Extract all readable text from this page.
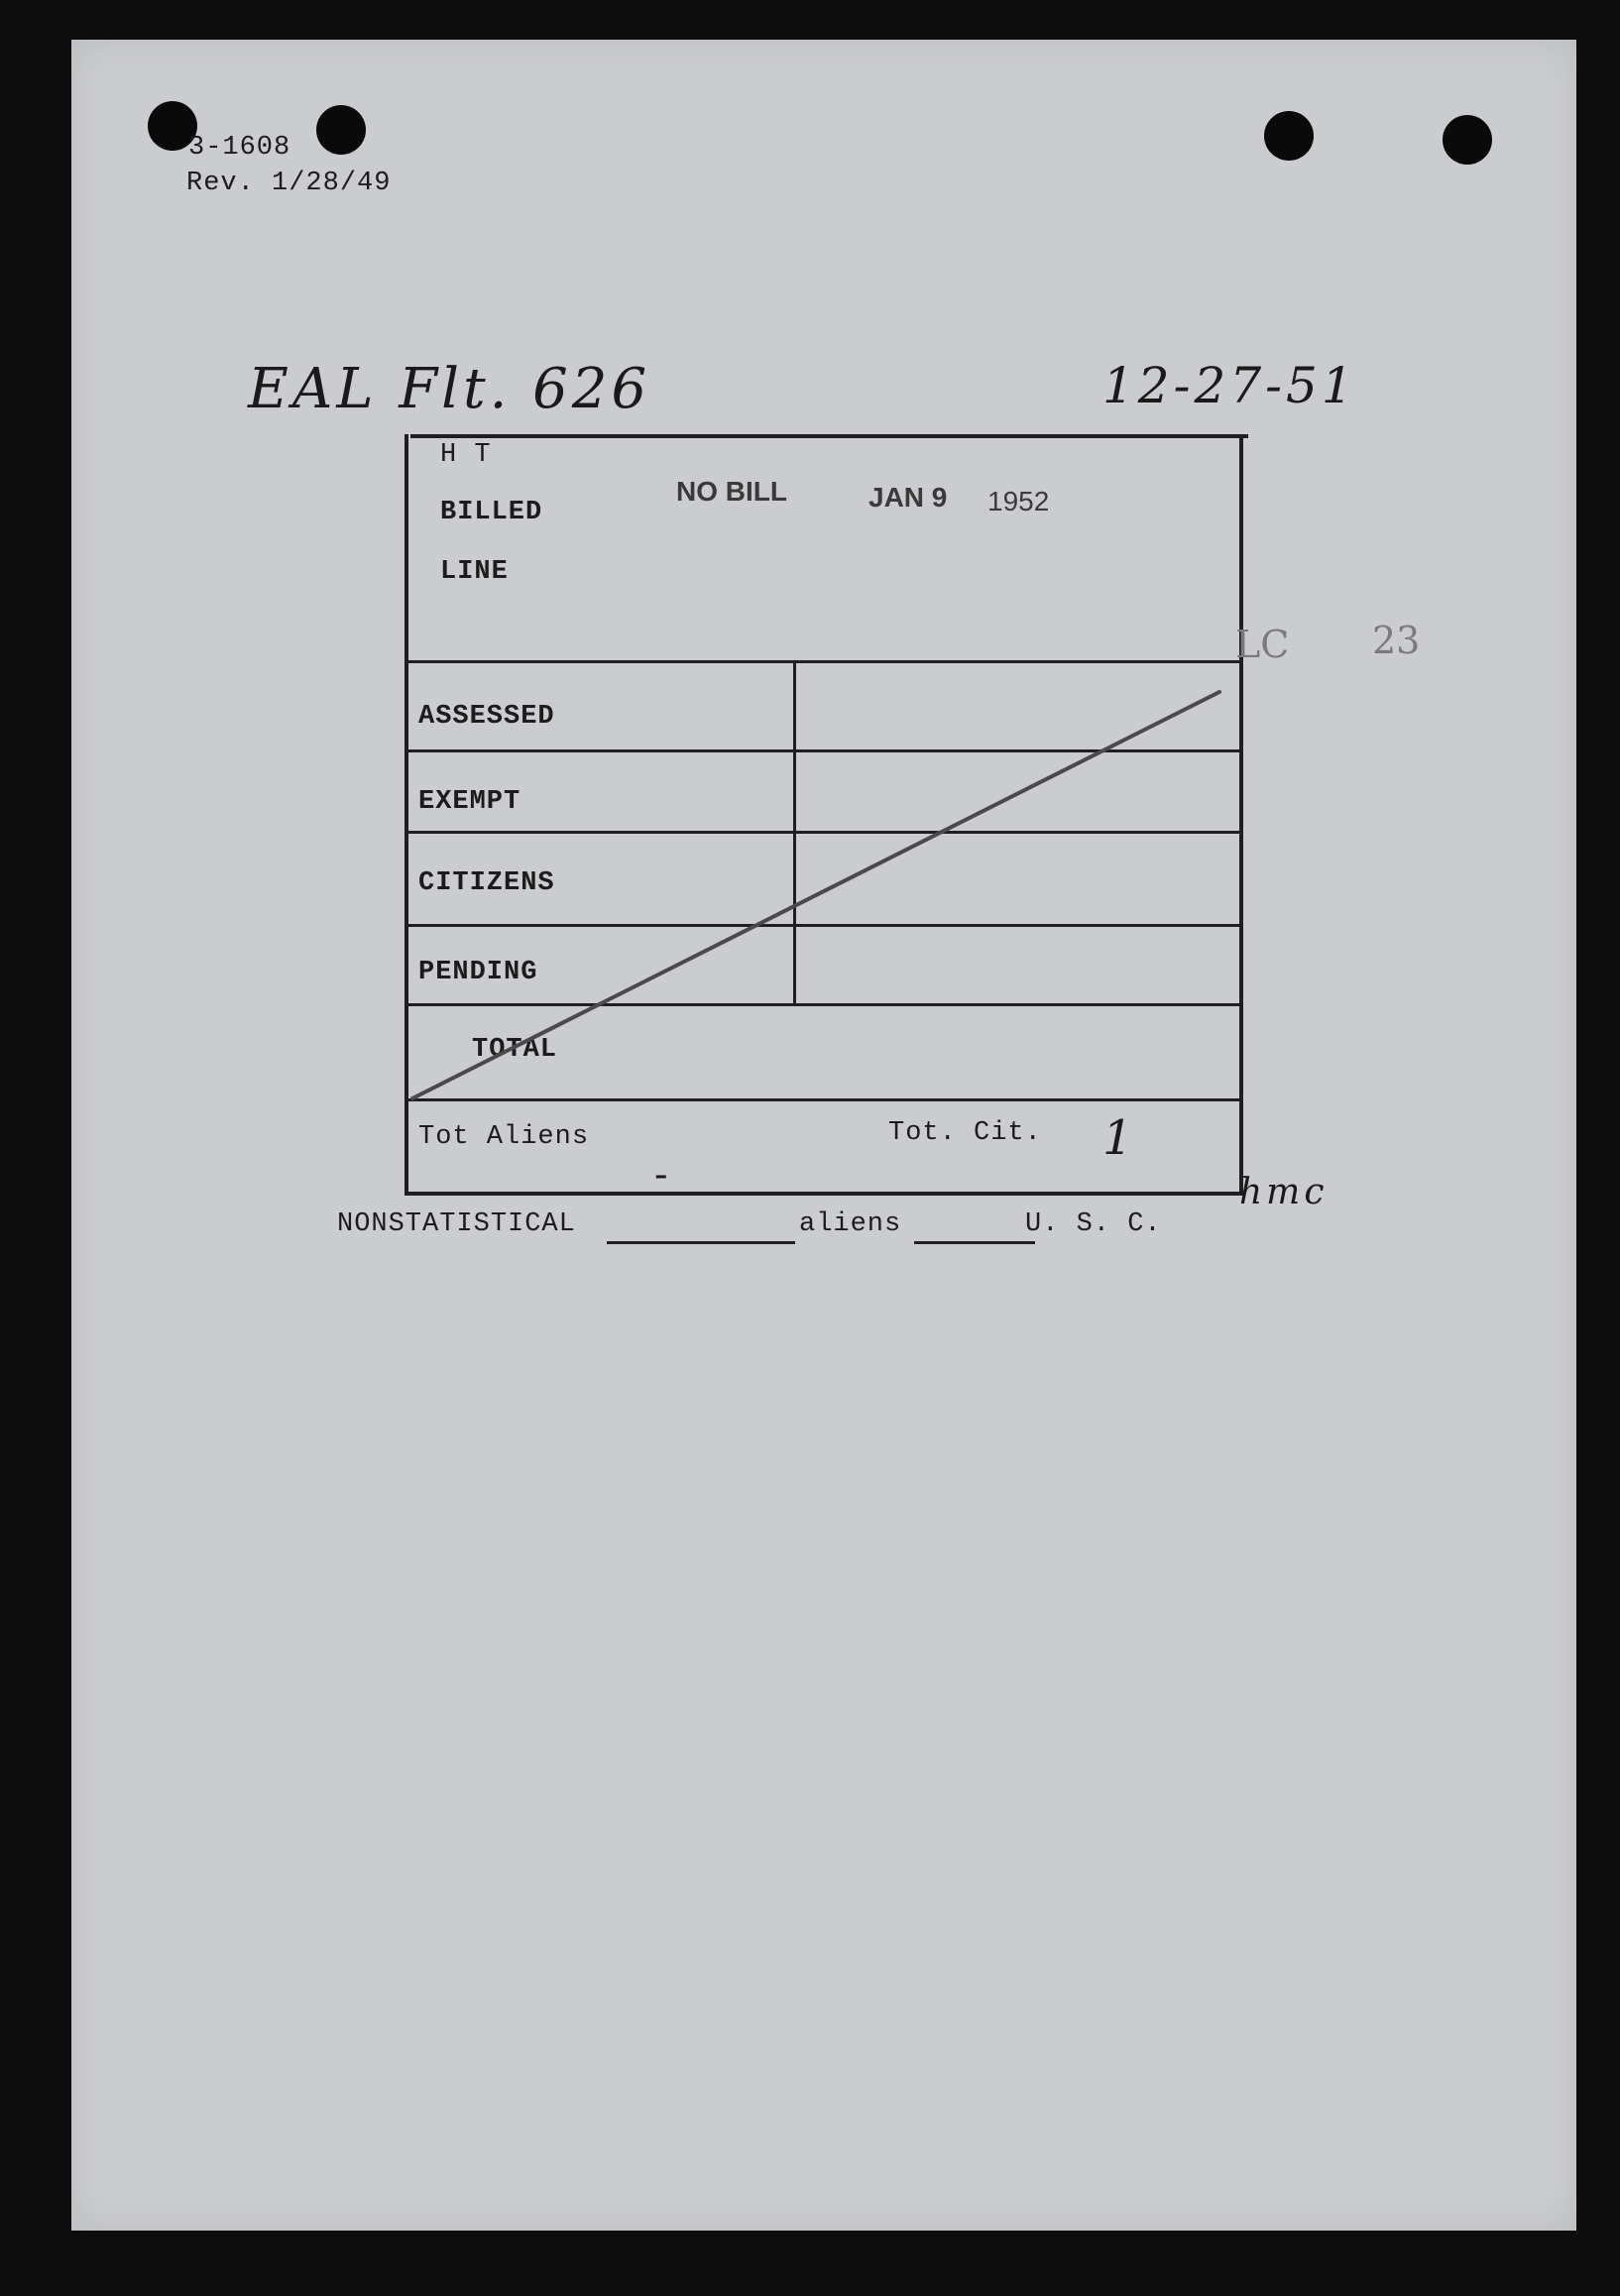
3-1608
Rev. 1/28/49
EAL Flt. 626	12-27-51
H T
BILLED
LINE
NO BILL	JAN 9 1952
LC 23
ASSESSED
EXEMPT
CITIZENS
PENDING
TOTAL
Tot Aliens	Tot. Cit. 1
-	hmc
NONSTATISTICAL	aliens	U. S. C.
